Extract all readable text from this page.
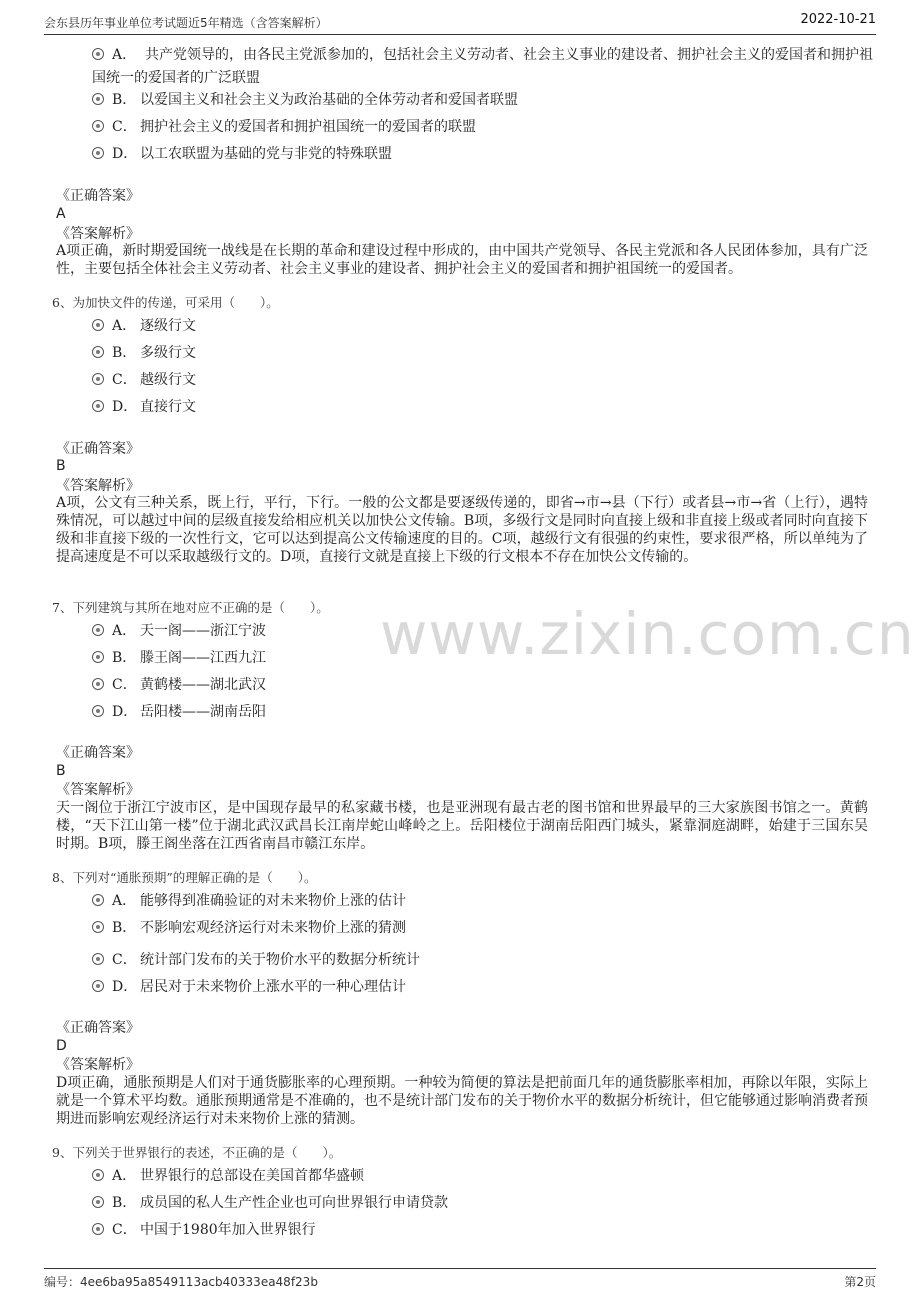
会东县历年事业单位考试题近5年精选（含答案解析）	2022-10-21
www.zixin.com.cn
A． 共产党领导的，由各民主党派参加的，包括社会主义劳动者、社会主义事业的建设者、拥护社会主义的爱国者和拥护祖国统一的爱国者的广泛联盟
B． 以爱国主义和社会主义为政治基础的全体劳动者和爱国者联盟
C． 拥护社会主义的爱国者和拥护祖国统一的爱国者的联盟
D． 以工农联盟为基础的党与非党的特殊联盟
《正确答案》
A
《答案解析》
A项正确，新时期爱国统一战线是在长期的革命和建设过程中形成的，由中国共产党领导、各民主党派和各人民团体参加，具有广泛性，主要包括全体社会主义劳动者、社会主义事业的建设者、拥护社会主义的爱国者和拥护祖国统一的爱国者。
6、为加快文件的传递，可采用（　　）。
A． 逐级行文
B． 多级行文
C． 越级行文
D． 直接行文
《正确答案》
B
《答案解析》
A项，公文有三种关系，既上行，平行，下行。一般的公文都是要逐级传递的，即省→市→县（下行）或者县→市→省（上行），遇特殊情况，可以越过中间的层级直接发给相应机关以加快公文传输。B项，多级行文是同时向直接上级和非直接上级或者同时向直接下级和非直接下级的一次性行文，它可以达到提高公文传输速度的目的。C项，越级行文有很强的约束性，要求很严格，所以单纯为了提高速度是不可以采取越级行文的。D项，直接行文就是直接上下级的行文根本不存在加快公文传输的。
7、下列建筑与其所在地对应不正确的是（　　）。
A． 天一阁——浙江宁波
B． 滕王阁——江西九江
C． 黄鹤楼——湖北武汉
D． 岳阳楼——湖南岳阳
《正确答案》
B
《答案解析》
天一阁位于浙江宁波市区，是中国现存最早的私家藏书楼，也是亚洲现有最古老的图书馆和世界最早的三大家族图书馆之一。黄鹤楼，“天下江山第一楼”位于湖北武汉武昌长江南岸蛇山峰岭之上。岳阳楼位于湖南岳阳西门城头，紧靠洞庭湖畔，始建于三国东吴时期。B项，滕王阁坐落在江西省南昌市赣江东岸。
8、下列对“通胀预期”的理解正确的是（　　）。
A． 能够得到准确验证的对未来物价上涨的估计
B． 不影响宏观经济运行对未来物价上涨的猜测
C． 统计部门发布的关于物价水平的数据分析统计
D． 居民对于未来物价上涨水平的一种心理估计
《正确答案》
D
《答案解析》
D项正确，通胀预期是人们对于通货膨胀率的心理预期。一种较为简便的算法是把前面几年的通货膨胀率相加，再除以年限，实际上就是一个算术平均数。通胀预期通常是不准确的，也不是统计部门发布的关于物价水平的数据分析统计，但它能够通过影响消费者预期进而影响宏观经济运行对未来物价上涨的猜测。
9、下列关于世界银行的表述，不正确的是（　　）。
A． 世界银行的总部设在美国首都华盛顿
B． 成员国的私人生产性企业也可向世界银行申请贷款
C． 中国于1980年加入世界银行
编号：4ee6ba95a8549113acb40333ea48f23b	第2页
